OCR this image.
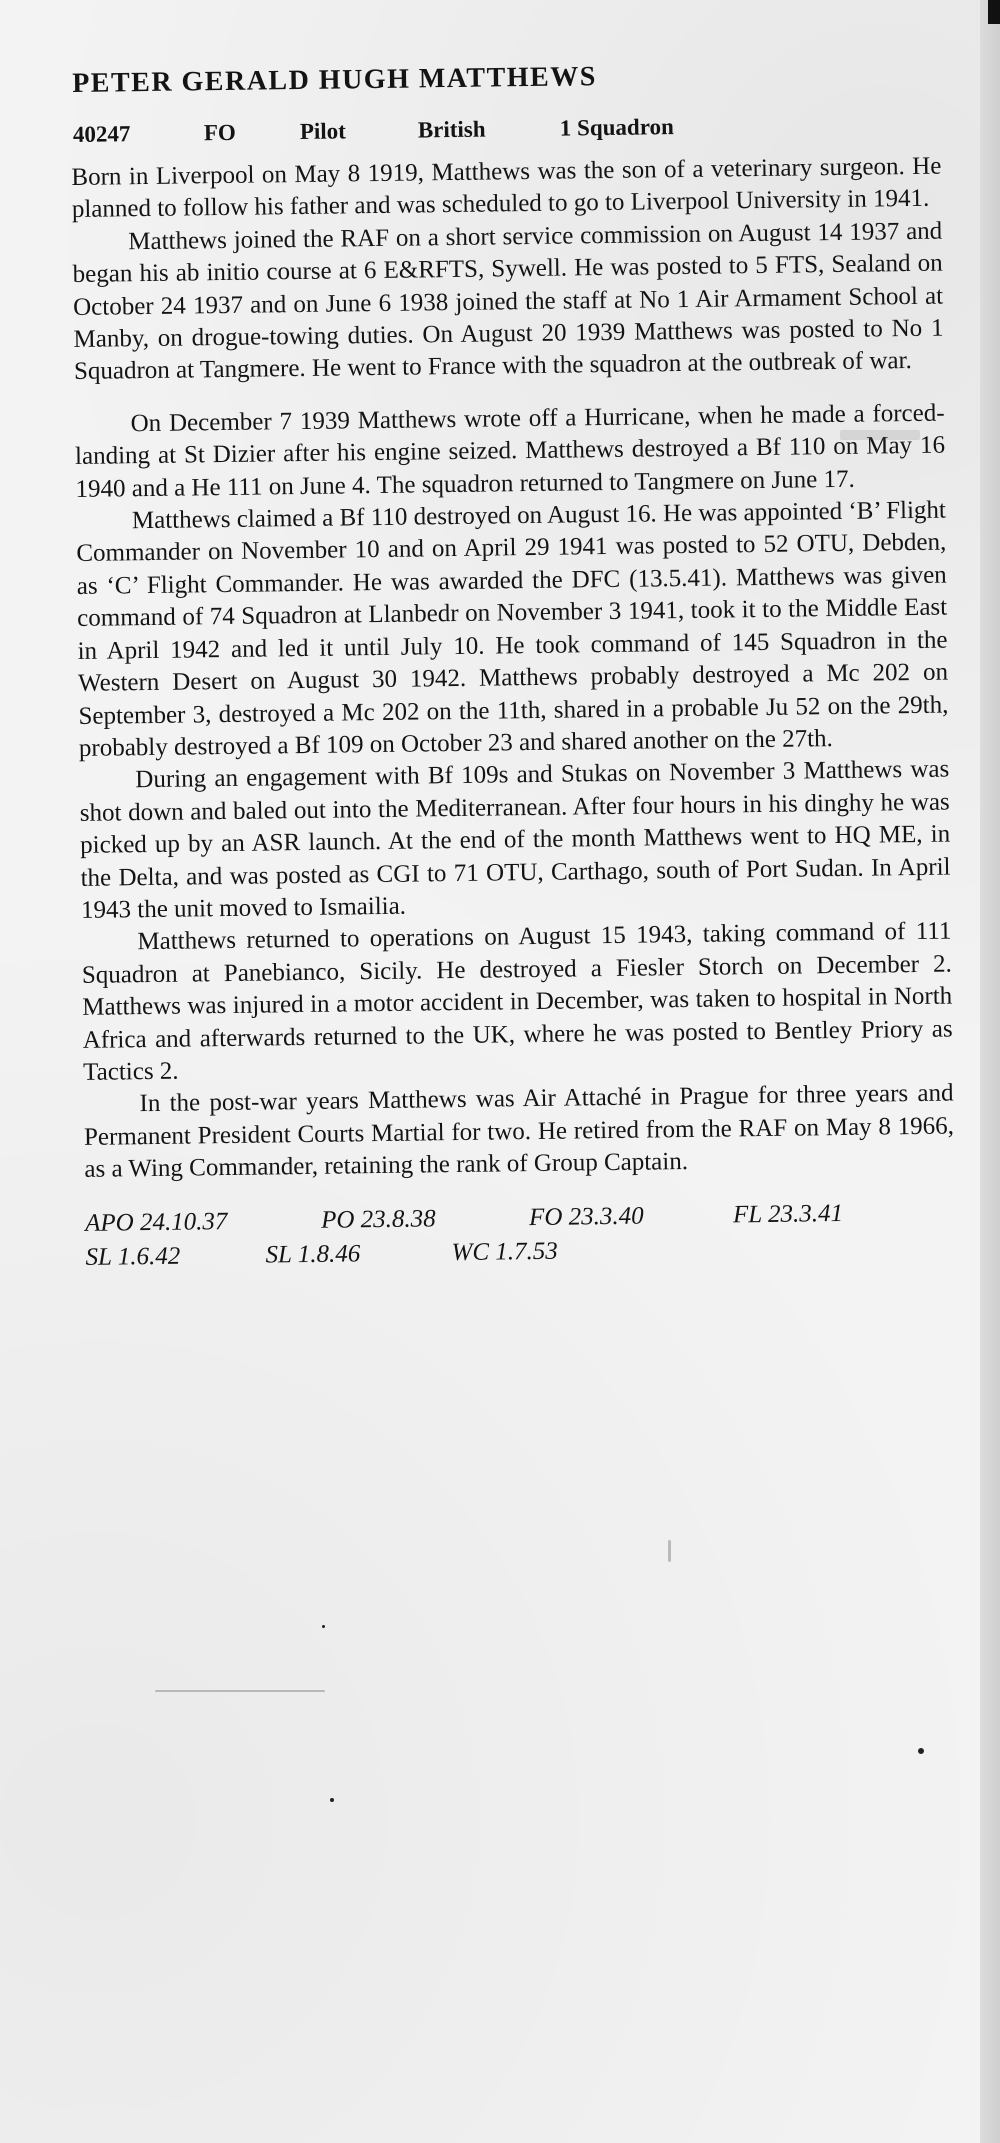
PETER GERALD HUGH MATTHEWS
40247	FO	Pilot	British	1 Squadron

Born in Liverpool on May 8 1919, Matthews was the son of a veterinary surgeon. He planned to follow his father and was scheduled to go to Liverpool University in 1941.

Matthews joined the RAF on a short service commission on August 14 1937 and began his ab initio course at 6 E&RFTS, Sywell. He was posted to 5 FTS, Sealand on October 24 1937 and on June 6 1938 joined the staff at No 1 Air Armament School at Manby, on drogue-towing duties. On August 20 1939 Matthews was posted to No 1 Squadron at Tangmere. He went to France with the squadron at the outbreak of war.

On December 7 1939 Matthews wrote off a Hurricane, when he made a forced-landing at St Dizier after his engine seized. Matthews destroyed a Bf 110 on May 16 1940 and a He 111 on June 4. The squadron returned to Tangmere on June 17.

Matthews claimed a Bf 110 destroyed on August 16. He was appointed ‘B’ Flight Commander on November 10 and on April 29 1941 was posted to 52 OTU, Debden, as ‘C’ Flight Commander. He was awarded the DFC (13.5.41). Matthews was given command of 74 Squadron at Llanbedr on November 3 1941, took it to the Middle East in April 1942 and led it until July 10. He took command of 145 Squadron in the Western Desert on August 30 1942. Matthews probably destroyed a Mc 202 on September 3, destroyed a Mc 202 on the 11th, shared in a probable Ju 52 on the 29th, probably destroyed a Bf 109 on October 23 and shared another on the 27th.

During an engagement with Bf 109s and Stukas on November 3 Matthews was shot down and baled out into the Mediterranean. After four hours in his dinghy he was picked up by an ASR launch. At the end of the month Matthews went to HQ ME, in the Delta, and was posted as CGI to 71 OTU, Carthago, south of Port Sudan. In April 1943 the unit moved to Ismailia.

Matthews returned to operations on August 15 1943, taking command of 111 Squadron at Panebianco, Sicily. He destroyed a Fiesler Storch on December 2. Matthews was injured in a motor accident in December, was taken to hospital in North Africa and afterwards returned to the UK, where he was posted to Bentley Priory as Tactics 2.

In the post-war years Matthews was Air Attaché in Prague for three years and Permanent President Courts Martial for two. He retired from the RAF on May 8 1966, as a Wing Commander, retaining the rank of Group Captain.

APO 24.10.37	PO 23.8.38	FO 23.3.40	FL 23.3.41
SL 1.6.42	SL 1.8.46	WC 1.7.53
